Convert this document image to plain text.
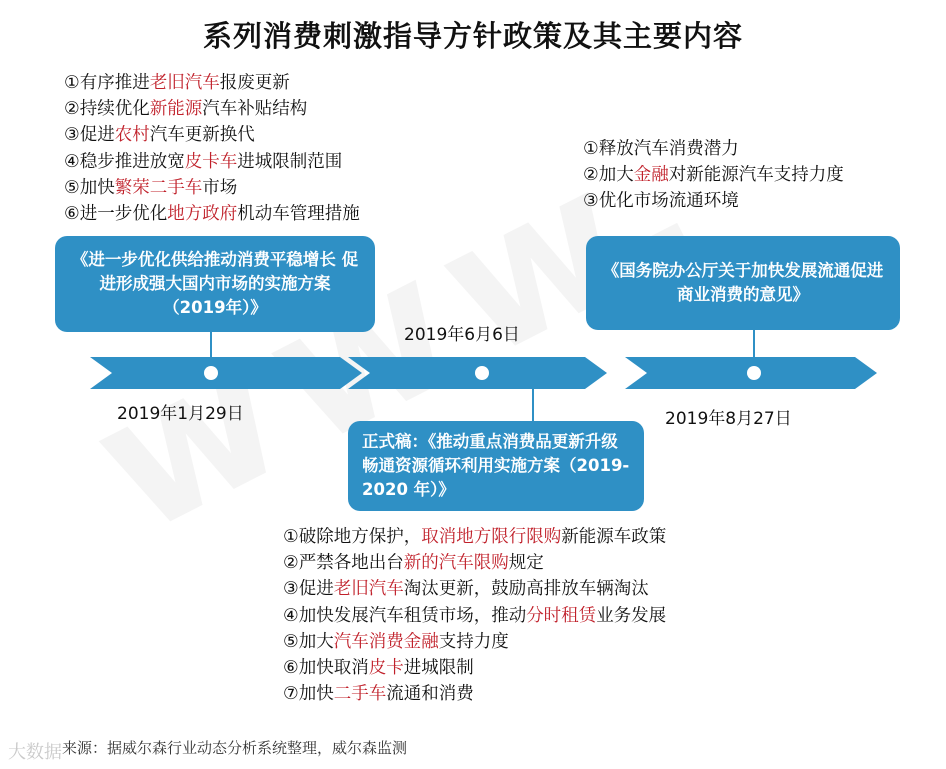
系列消费刺激指导方针政策及其主要内容
①有序推进老旧汽车报废更新
②持续优化新能源汽车补贴结构
③促进农村汽车更新换代
④稳步推进放宽皮卡车进城限制范围
⑤加快繁荣二手车市场
⑥进一步优化地方政府机动车管理措施
①释放汽车消费潜力
②加大金融对新能源汽车支持力度
③优化市场流通环境
①破除地方保护，取消地方限行限购新能源车政策
②严禁各地出台新的汽车限购规定
③促进老旧汽车淘汰更新，鼓励高排放车辆淘汰
④加快发展汽车租赁市场，推动分时租赁业务发展
⑤加大汽车消费金融支持力度
⑥加快取消皮卡进城限制
⑦加快二手车流通和消费
《进一步优化供给推动消费平稳增长 促进形成强大国内市场的实施方案（2019年）》
《国务院办公厅关于加快发展流通促进商业消费的意见》
正式稿：《推动重点消费品更新升级 畅通资源循环利用实施方案（2019-2020 年）》
2019年1月29日
2019年6月6日
2019年8月27日
大数据 来源：据威尔森行业动态分析系统整理，威尔森监测
